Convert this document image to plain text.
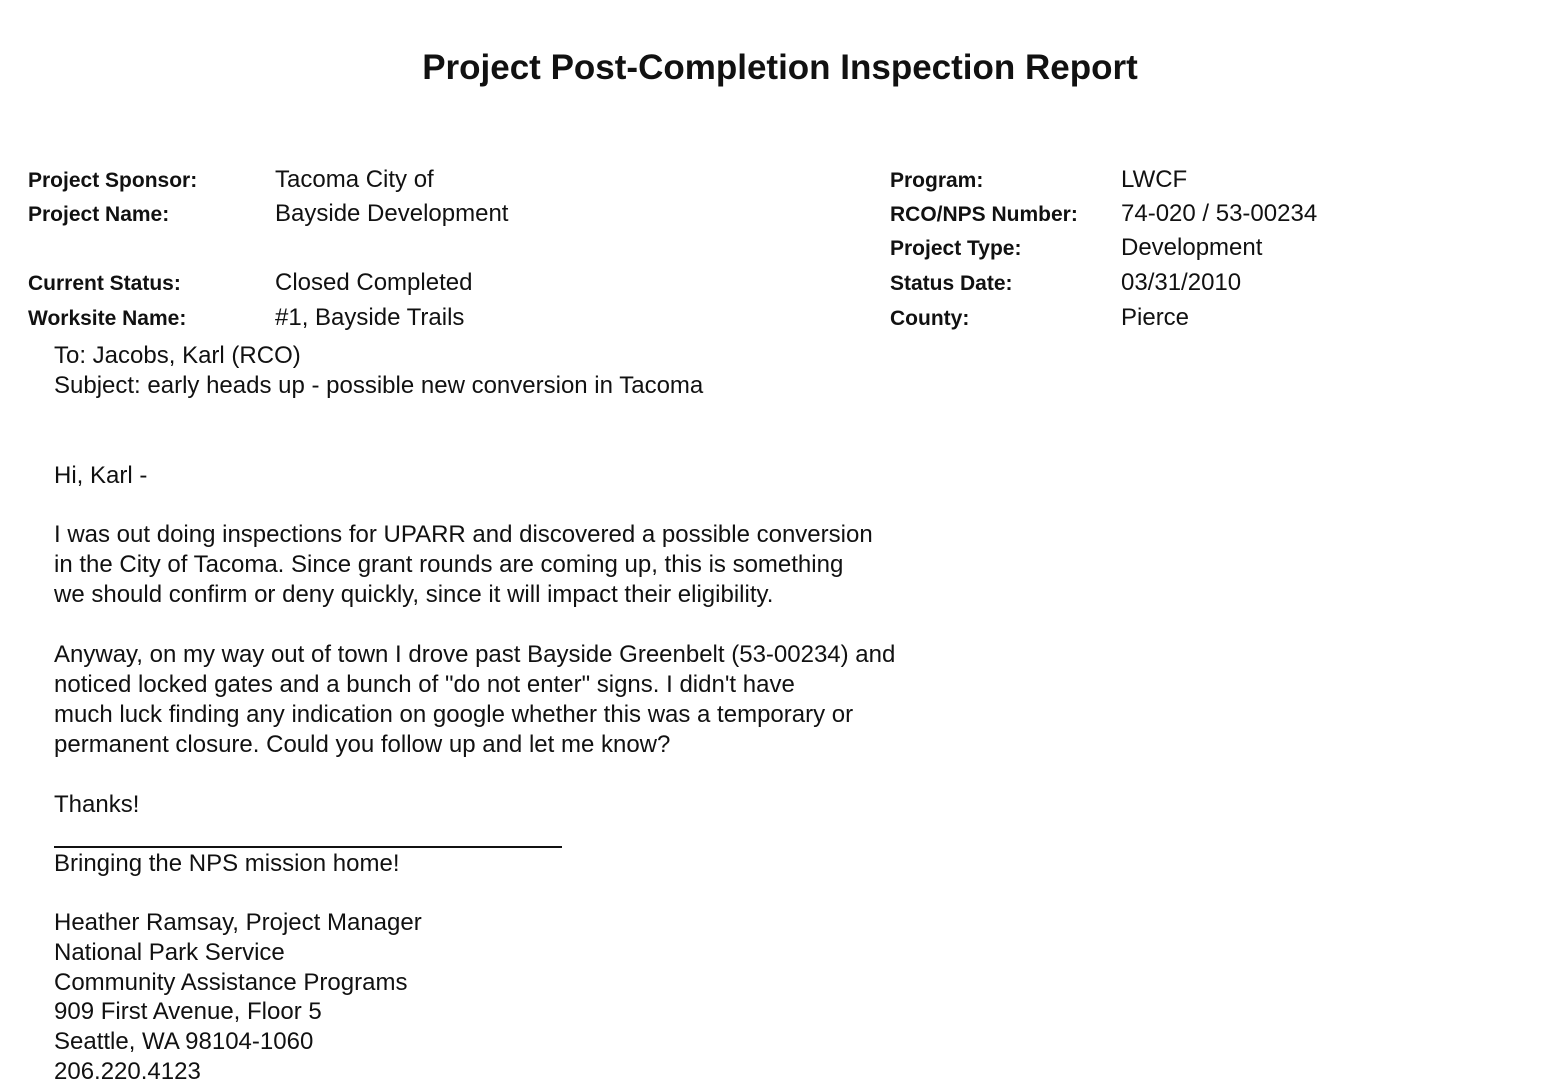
Project Post-Completion Inspection Report
Project Sponsor:	Tacoma City of
Project Name:	Bayside Development
Current Status:	Closed Completed
Worksite Name:	#1, Bayside Trails
Program:	LWCF
RCO/NPS Number: 74-020 / 53-00234
Project Type:	Development
Status Date:	03/31/2010
County:	Pierce
To: Jacobs, Karl (RCO)
Subject: early heads up - possible new conversion in Tacoma
Hi, Karl -
I was out doing inspections for UPARR and discovered a possible conversion
in the City of Tacoma. Since grant rounds are coming up, this is something
we should confirm or deny quickly, since it will impact their eligibility.
Anyway, on my way out of town I drove past Bayside Greenbelt (53-00234) and
noticed locked gates and a bunch of "do not enter" signs. I didn't have
much luck finding any indication on google whether this was a temporary or
permanent closure. Could you follow up and let me know?
Thanks!
Bringing the NPS mission home!
Heather Ramsay, Project Manager
National Park Service
Community Assistance Programs
909 First Avenue, Floor 5
Seattle, WA 98104-1060
206.220.4123
